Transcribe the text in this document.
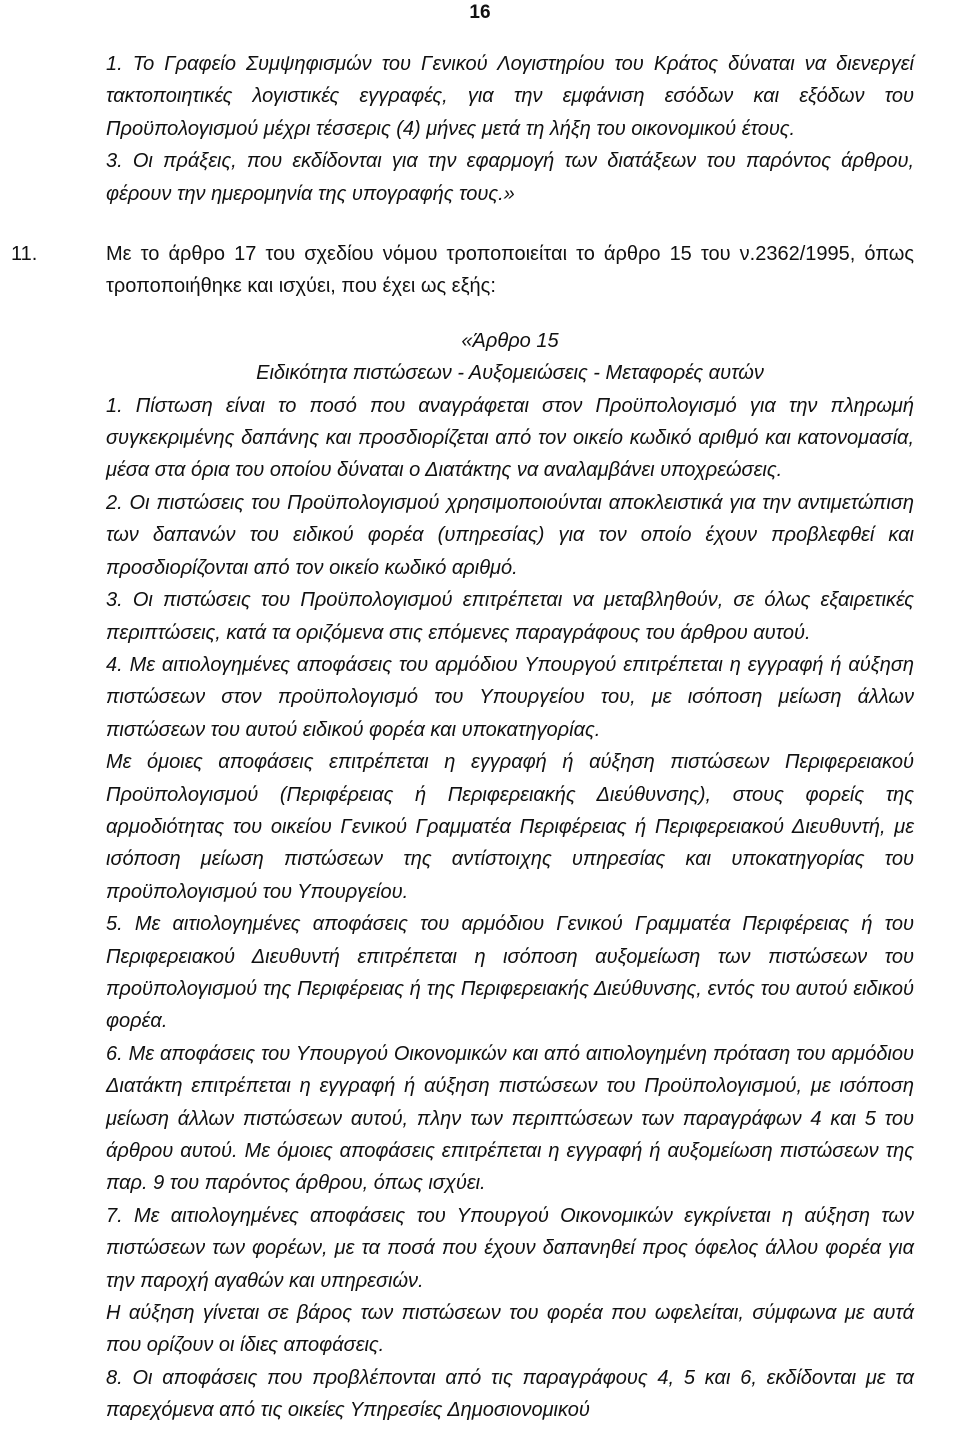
16

1. Το Γραφείο Συμψηφισμών του Γενικού Λογιστηρίου του Κράτος δύναται να διενεργεί τακτοποιητικές λογιστικές εγγραφές, για την εμφάνιση εσόδων και εξόδων του Προϋπολογισμού μέχρι τέσσερις (4) μήνες μετά τη λήξη του οικονομικού έτους.

3. Οι πράξεις, που εκδίδονται για την εφαρμογή των διατάξεων του παρόντος άρθρου, φέρουν την ημερομηνία της υπογραφής τους.»

11.	Με το άρθρο 17 του σχεδίου νόμου τροποποιείται το άρθρο 15 του ν.2362/1995, όπως τροποποιήθηκε και ισχύει, που έχει ως εξής:

«Άρθρο 15
Ειδικότητα πιστώσεων - Αυξομειώσεις - Μεταφορές αυτών

1. Πίστωση είναι το ποσό που αναγράφεται στον Προϋπολογισμό για την πληρωμή συγκεκριμένης δαπάνης και προσδιορίζεται από τον οικείο κωδικό αριθμό και κατονομασία, μέσα στα όρια του οποίου δύναται ο Διατάκτης να αναλαμβάνει υποχρεώσεις.

2. Οι πιστώσεις του Προϋπολογισμού χρησιμοποιούνται αποκλειστικά για την αντιμετώπιση των δαπανών του ειδικού φορέα (υπηρεσίας) για τον οποίο έχουν προβλεφθεί και προσδιορίζονται από τον οικείο κωδικό αριθμό.

3. Οι πιστώσεις του Προϋπολογισμού επιτρέπεται να μεταβληθούν, σε όλως εξαιρετικές περιπτώσεις, κατά τα οριζόμενα στις επόμενες παραγράφους του άρθρου αυτού.

4. Με αιτιολογημένες αποφάσεις του αρμόδιου Υπουργού επιτρέπεται η εγγραφή ή αύξηση πιστώσεων στον προϋπολογισμό του Υπουργείου του, με ισόποση μείωση άλλων πιστώσεων του αυτού ειδικού φορέα και υποκατηγορίας.

Με όμοιες αποφάσεις επιτρέπεται η εγγραφή ή αύξηση πιστώσεων Περιφερειακού Προϋπολογισμού (Περιφέρειας ή Περιφερειακής Διεύθυνσης), στους φορείς της αρμοδιότητας του οικείου Γενικού Γραμματέα Περιφέρειας ή Περιφερειακού Διευθυντή, με ισόποση μείωση πιστώσεων της αντίστοιχης υπηρεσίας και υποκατηγορίας του προϋπολογισμού του Υπουργείου.

5. Με αιτιολογημένες αποφάσεις του αρμόδιου Γενικού Γραμματέα Περιφέρειας ή του Περιφερειακού Διευθυντή επιτρέπεται η ισόποση αυξομείωση των πιστώσεων του προϋπολογισμού της Περιφέρειας ή της Περιφερειακής Διεύθυνσης, εντός του αυτού ειδικού φορέα.

6. Με αποφάσεις του Υπουργού Οικονομικών και από αιτιολογημένη πρόταση του αρμόδιου Διατάκτη επιτρέπεται η εγγραφή ή αύξηση πιστώσεων του Προϋπολογισμού, με ισόποση μείωση άλλων πιστώσεων αυτού, πλην των περιπτώσεων των παραγράφων 4 και 5 του άρθρου αυτού. Με όμοιες αποφάσεις επιτρέπεται η εγγραφή ή αυξομείωση πιστώσεων της παρ. 9 του παρόντος άρθρου, όπως ισχύει.

7. Με αιτιολογημένες αποφάσεις του Υπουργού Οικονομικών εγκρίνεται η αύξηση των πιστώσεων των φορέων, με τα ποσά που έχουν δαπανηθεί προς όφελος άλλου φορέα για την παροχή αγαθών και υπηρεσιών.

Η αύξηση γίνεται σε βάρος των πιστώσεων του φορέα που ωφελείται, σύμφωνα με αυτά που ορίζουν οι ίδιες αποφάσεις.

8. Οι αποφάσεις που προβλέπονται από τις παραγράφους 4, 5 και 6, εκδίδονται με τα παρεχόμενα από τις οικείες Υπηρεσίες Δημοσιονομικού
